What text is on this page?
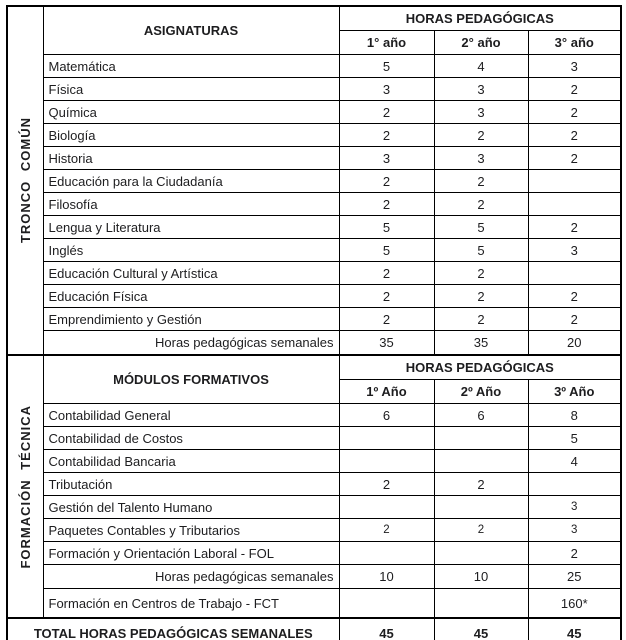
TRONCO COMÚN	ASIGNATURAS	HORAS PEDAGÓGICAS		
		1° año	2° año	3° año
	Matemática	5	4	3
	Física	3	3	2
	Química	2	3	2
	Biología	2	2	2
	Historia	3	3	2
	Educación para la Ciudadanía	2	2	
	Filosofía	2	2	
	Lengua y Literatura	5	5	2
	Inglés	5	5	3
	Educación Cultural y Artística	2	2	
	Educación Física	2	2	2
	Emprendimiento y Gestión	2	2	2
	Horas pedagógicas semanales	35	35	20

FORMACIÓN TÉCNICA	MÓDULOS FORMATIVOS	HORAS PEDAGÓGICAS		
		1º Año	2º Año	3º Año
	Contabilidad General	6	6	8
	Contabilidad de Costos			5
	Contabilidad Bancaria			4
	Tributación	2	2	
	Gestión del Talento Humano			3
	Paquetes Contables y Tributarios	2	2	3
	Formación y Orientación Laboral - FOL			2
	Horas pedagógicas semanales	10	10	25
	Formación en Centros de Trabajo - FCT			160*
TOTAL HORAS PEDAGÓGICAS SEMANALES		45	45	45
